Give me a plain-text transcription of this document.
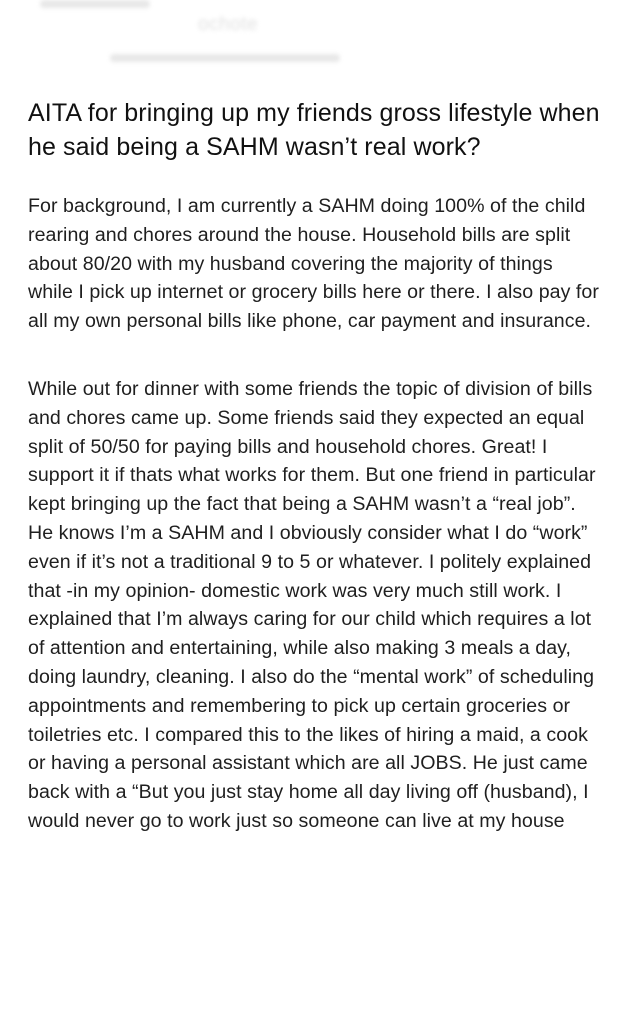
ochote
AITA for bringing up my friends gross lifestyle when he said being a SAHM wasn’t real work?

For background, I am currently a SAHM doing 100% of the child rearing and chores around the house. Household bills are split about 80/20 with my husband covering the majority of things while I pick up internet or grocery bills here or there. I also pay for all my own personal bills like phone, car payment and insurance.

While out for dinner with some friends the topic of division of bills and chores came up. Some friends said they expected an equal split of 50/50 for paying bills and household chores. Great! I support it if thats what works for them. But one friend in particular kept bringing up the fact that being a SAHM wasn’t a “real job”. He knows I’m a SAHM and I obviously consider what I do “work” even if it’s not a traditional 9 to 5 or whatever. I politely explained that -in my opinion- domestic work was very much still work. I explained that I’m always caring for our child which requires a lot of attention and entertaining, while also making 3 meals a day, doing laundry, cleaning. I also do the “mental work” of scheduling appointments and remembering to pick up certain groceries or toiletries etc. I compared this to the likes of hiring a maid, a cook or having a personal assistant which are all JOBS. He just came back with a “But you just stay home all day living off (husband), I would never go to work just so someone can live at my house
